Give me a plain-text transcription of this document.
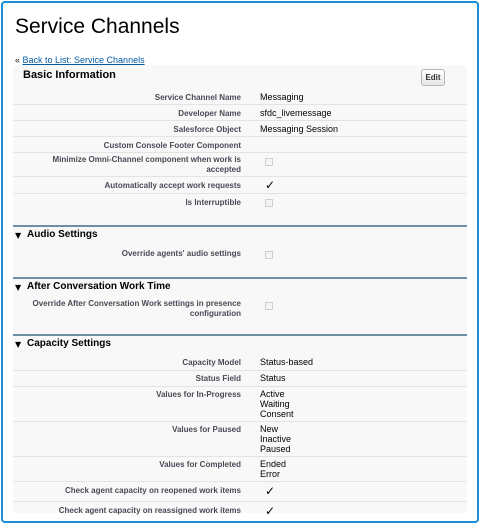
Service Channels
« Back to List: Service Channels
Basic Information	Edit
Service Channel Name Messaging
Developer Name sfdc_livemessage
Salesforce Object Messaging Session
Custom Console Footer Component
Minimize Omni-Channel component when work is accepted
Automatically accept work requests ✓
Is Interruptible
▼ Audio Settings
Override agents' audio settings
▼ After Conversation Work Time
Override After Conversation Work settings in presence configuration
▼ Capacity Settings
Capacity Model Status-based
Status Field Status
Values for In-Progress Active
Waiting
Consent
Values for Paused New
Inactive
Paused
Values for Completed Ended
Error
Check agent capacity on reopened work items ✓
Check agent capacity on reassigned work items ✓
